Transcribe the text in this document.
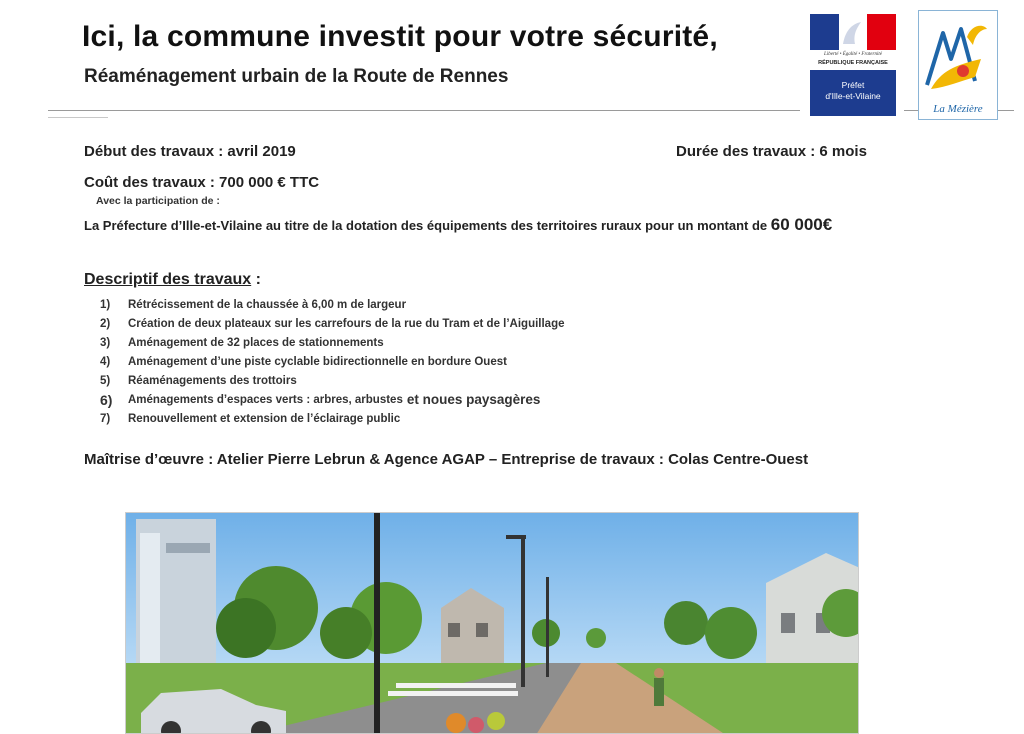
Ici, la commune investit pour votre sécurité,
Réaménagement urbain de la Route de Rennes
Liberté • Égalité • Fraternité
RÉPUBLIQUE FRANÇAISE
Préfet
d'Ille-et-Vilaine
La Mézière
Début des travaux : avril 2019	Durée des travaux : 6 mois
Coût des travaux : 700 000 € TTC
Avec la participation de :
La Préfecture d’Ille-et-Vilaine au titre de la dotation des équipements des territoires ruraux pour un montant de 60 000€
Descriptif des travaux :
1)	Rétrécissement de la chaussée à 6,00 m de largeur
2)	Création de deux plateaux sur les carrefours de la rue du Tram et de l’Aiguillage
3)	Aménagement de 32 places de stationnements
4)	Aménagement d’une piste cyclable bidirectionnelle en bordure Ouest
5)	Réaménagements des trottoirs
6)	Aménagements d’espaces verts : arbres, arbustes et noues paysagères
7)	Renouvellement et extension de l’éclairage public
Maîtrise d’œuvre : Atelier Pierre Lebrun & Agence AGAP – Entreprise de travaux : Colas Centre-Ouest
